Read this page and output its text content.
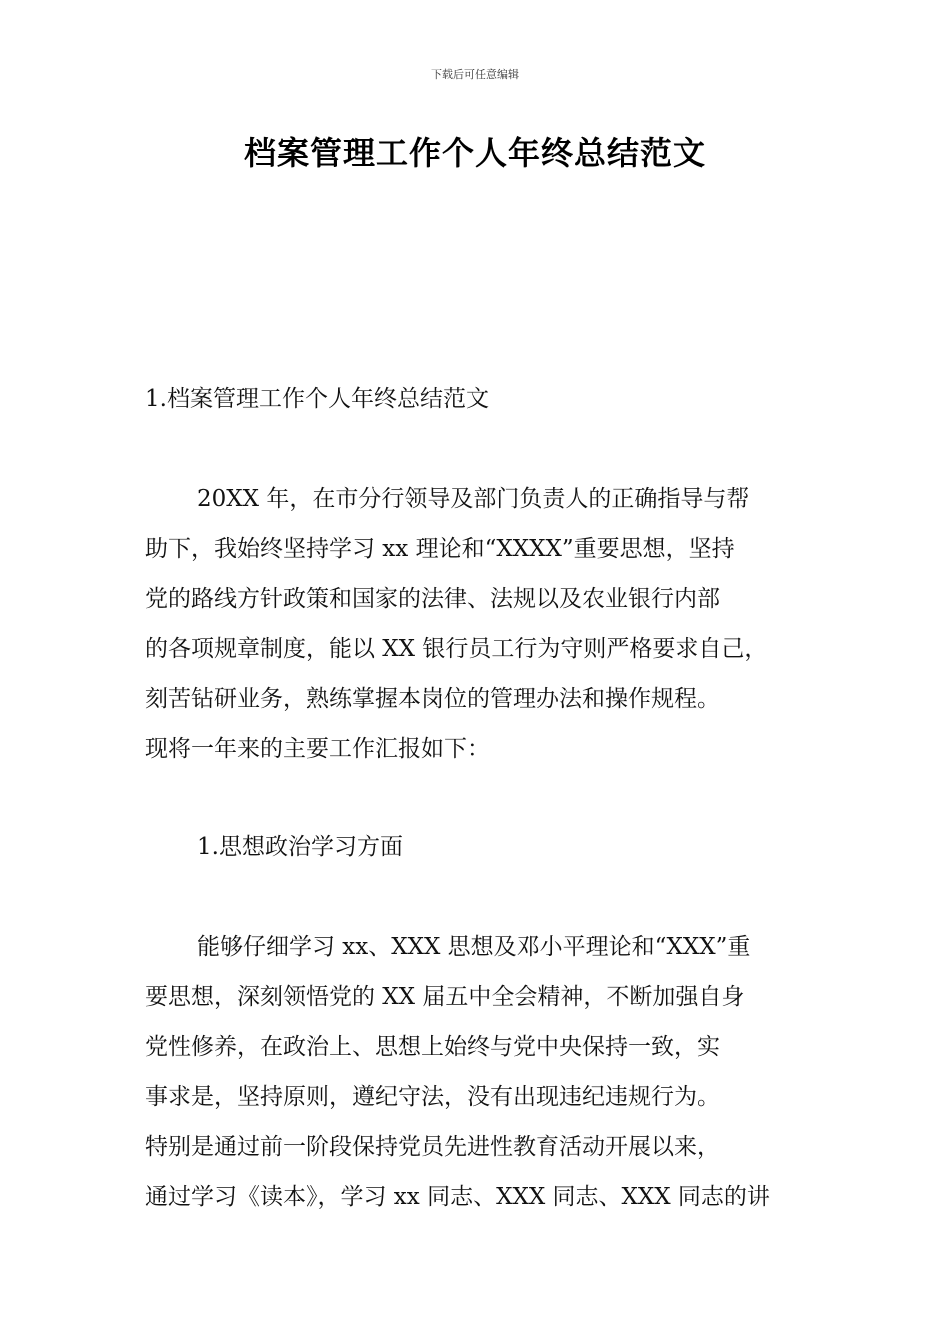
下载后可任意编辑
档案管理工作个人年终总结范文
1.档案管理工作个人年终总结范文
20XX 年，在市分行领导及部门负责人的正确指导与帮
助下，我始终坚持学习 xx 理论和“XXXX”重要思想，坚持
党的路线方针政策和国家的法律、法规以及农业银行内部
的各项规章制度，能以 XX 银行员工行为守则严格要求自己，
刻苦钻研业务，熟练掌握本岗位的管理办法和操作规程。
现将一年来的主要工作汇报如下：
1.思想政治学习方面
能够仔细学习 xx、XXX 思想及邓小平理论和“XXX”重
要思想，深刻领悟党的 XX 届五中全会精神，不断加强自身
党性修养，在政治上、思想上始终与党中央保持一致，实
事求是，坚持原则，遵纪守法，没有出现违纪违规行为。
特别是通过前一阶段保持党员先进性教育活动开展以来，
通过学习《读本》，学习 xx 同志、XXX 同志、XXX 同志的讲
